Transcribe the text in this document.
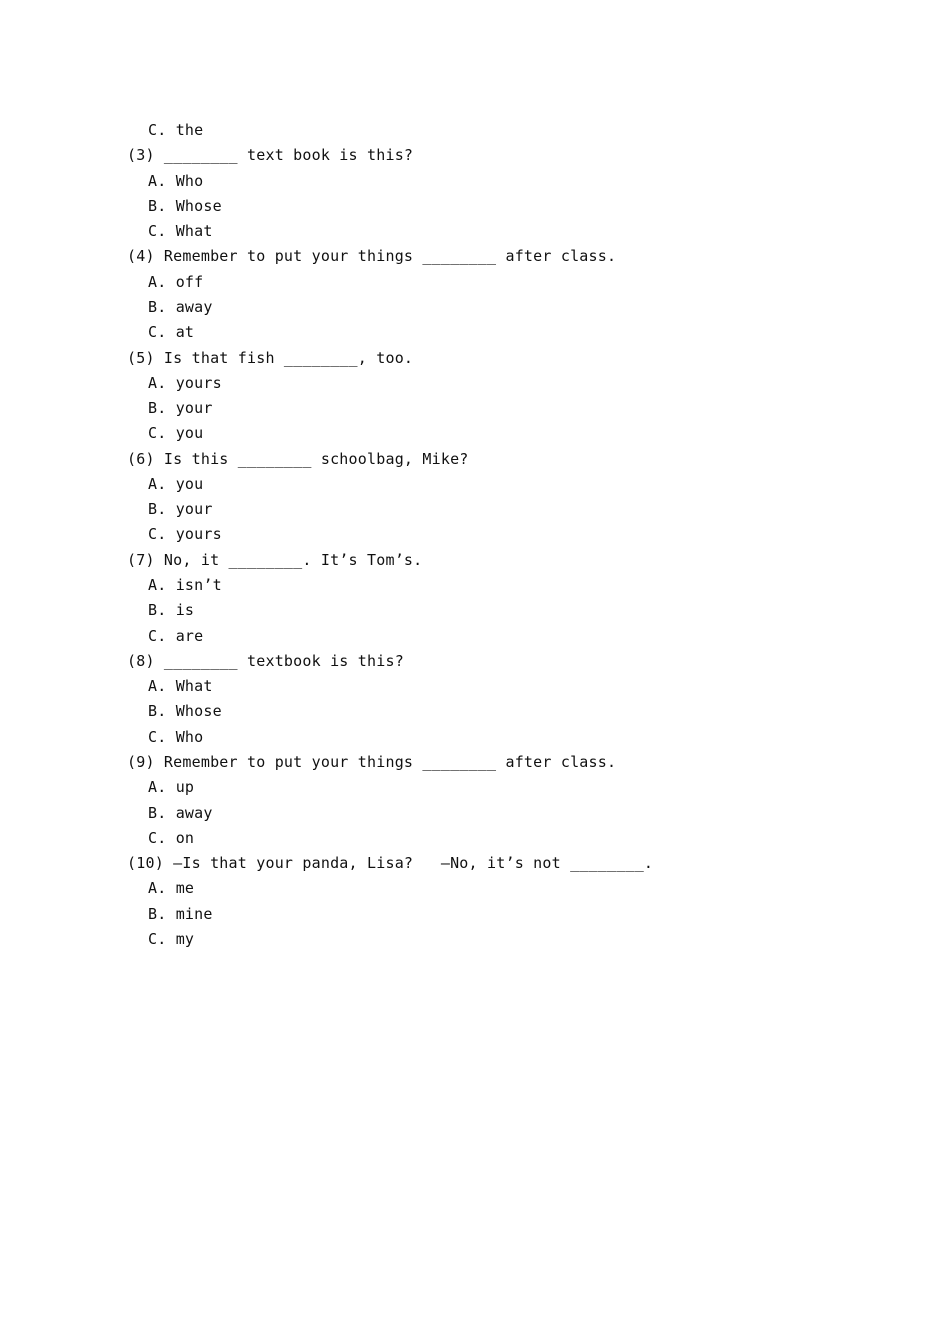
C. the
(3) ________ text book is this?
A. Who
B. Whose
C. What
(4) Remember to put your things ________ after class.
A. off
B. away
C. at
(5) Is that fish ________, too.
A. yours
B. your
C. you
(6) Is this ________ schoolbag, Mike?
A. you
B. your
C. yours
(7) No, it ________. It’s Tom’s.
A. isn’t
B. is
C. are
(8) ________ textbook is this?
A. What
B. Whose
C. Who
(9) Remember to put your things ________ after class.
A. up
B. away
C. on
(10) —Is that your panda, Lisa?   —No, it’s not ________.
A. me
B. mine
C. my
